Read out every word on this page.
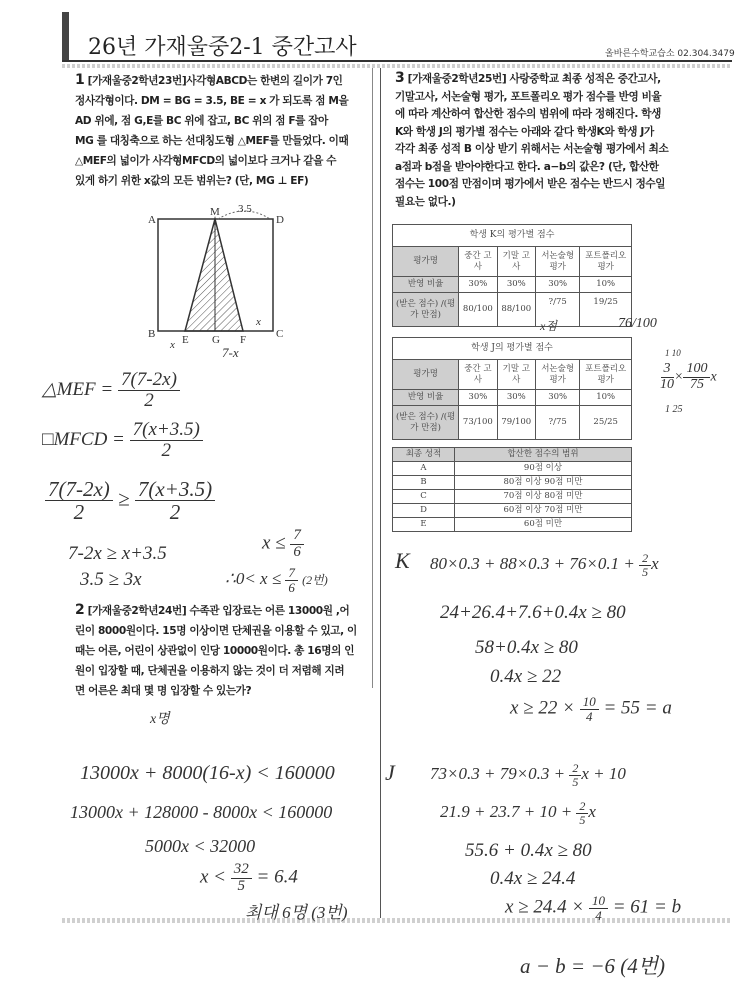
26년 가재울중2-1 중간고사	올바른수학교습소 02.304.3479
1 [가재울중2학년23번]사각형ABCD는 한변의 길이가 7인
정사각형이다. DM = BG = 3.5, BE = x 가 되도록 점 M을
AD 위에, 점 G,E를 BC 위에 잡고, BC 위의 점 F를 잡아
MG 를 대칭축으로 하는 선대칭도형 △MEF를 만들었다. 이때
△MEF의 넓이가 사각형MFCD의 넓이보다 크거나 같을 수
있게 하기 위한 x값의 모든 범위는? (단, MG ⊥ EF)
A
M
D
B E G F	C
3.5
x
x
7-x
△MEF = $\frac{7(7-2x)}{2}$
□MFCD = $\frac{7(x+3.5)}{2}$
$\frac{7(7-2x)}{2} \ge \frac{7(x+3.5)}{2}$
7-2x ≥ x+3.5
3.5 ≥ 3x
$x \le \frac{7}{6}$
∴0< $x \le \frac{7}{6} (2$번)
2 [가재울중2학년24번] 수족관 입장료는 어른 13000원 ,어
린이 8000원이다. 15명 이상이면 단체권을 이용할 수 있고, 이
때는 어른, 어린이 상관없이 인당 10000원이다. 총 16명의 인
원이 입장할 때, 단체권을 이용하지 않는 것이 더 저렴해 지려
면 어른은 최대 몇 명 입장할 수 있는가?
x명
13000x + 8000(16-x) < 160000
13000x + 128000 - 8000x < 160000
5000x < 32000
$x < \frac{32}{5} = 6.4$
최대 6명 (3번)
3 [가재울중2학년25번] 사랑중학교 최종 성적은 중간고사,
기말고사, 서논술형 평가, 포트폴리오 평가 점수를 반영 비율
에 따라 계산하여 합산한 점수의 범위에 따라 정해진다. 학생
K와 학생 J의 평가별 점수는 아래와 같다 학생K와 학생 J가
각각 최종 성적 B 이상 받기 위해서는 서논술형 평가에서 최소
a점과 b점을 받아야한다고 한다. a−b의 값은? (단, 합산한
점수는 100점 만점이며 평가에서 받은 점수는 반드시 정수일
필요는 없다.)
학생 K의 평가별 점수				
평가명	중간 고사	기말 고사	서논술형 평가	포트폴리오 평가
반영 비율	30%	30%	30%	10%
(받은 점수) /(평가 만점)	80/100	88/100	?/75	19/25
x점	76/100
학생 J의 평가별 점수				
평가명	중간 고사	기말 고사	서논술형 평가	포트폴리오 평가
반영 비율	30%	30%	30%	10%
(받은 점수) /(평가 만점)	73/100	79/100	?/75	25/25
최종 성적	합산한 점수의 범위
A	90점 이상
B	80점 이상 90점 미만
C	70점 이상 80점 미만
D	60점 이상 70점 미만
E	60점 미만
1 10
$\frac{3}{10} \times \frac{100}{75}$ x
1 25
K $80\times 0.3 + 88\times 0.3 + 76\times 0.1 + \frac{2}{5}$ x
24+26.4+7.6+0.4x ≥ 80
58+0.4x ≥ 80
0.4x ≥ 22
$x \ge 22 \times \frac{10}{4} = 55 = a$
J $73\times 0.3 + 79\times 0.3 + \frac{2}{5}$ x + 10
$21.9 + 23.7 + 10 + \frac{2}{5}$ x
55.6 + 0.4x ≥ 80
0.4x ≥ 24.4
$x \ge 24.4 \times \frac{10}{4} = 61 = b$
a − b = −6 (4번)
